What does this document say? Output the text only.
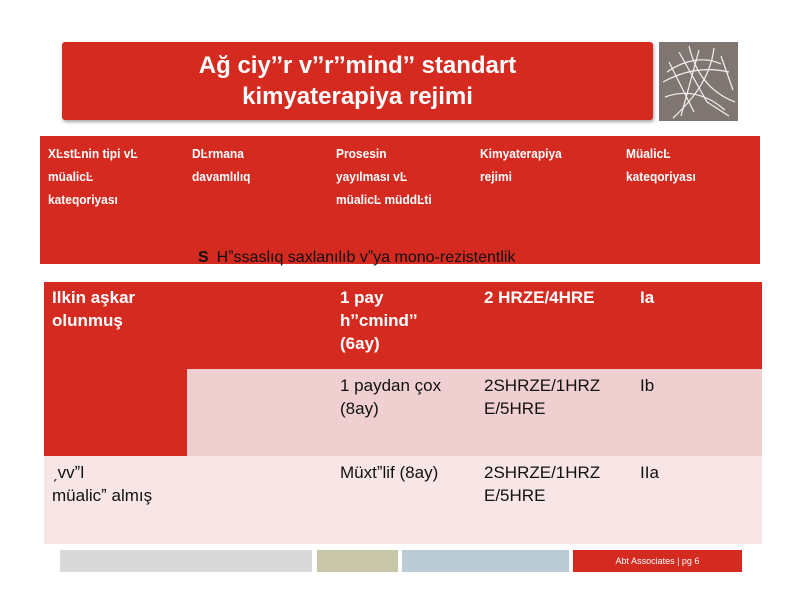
Ağ ciyˮr vˮrˮmindˮ standart
kimyaterapiya rejimi
XĿstĿnin tipi vĿ
müalicĿ
kateqoriyası
DĿrmana
davamlılıq
Prosesin
yayılması vĿ
müalicĿ müddĿti
Kimyaterapiya
rejimi
MüalicĿ
kateqoriyası
S Hˮssaslıq saxlanılıb vˮya mono-rezistentlik
Ilkin aşkar
olunmuş
1 pay
hˮcmindˮ
(6ay)
2 HRZE/4HRE	Ia
1 paydan çox
(8ay)
2SHRZE/1HRZ
E/5HRE
Ib
ˏvvˮl
müalicˮ almış
Müxtˮlif (8ay)	2SHRZE/1HRZ
E/5HRE
IIa
Abt Associates | pg 6
